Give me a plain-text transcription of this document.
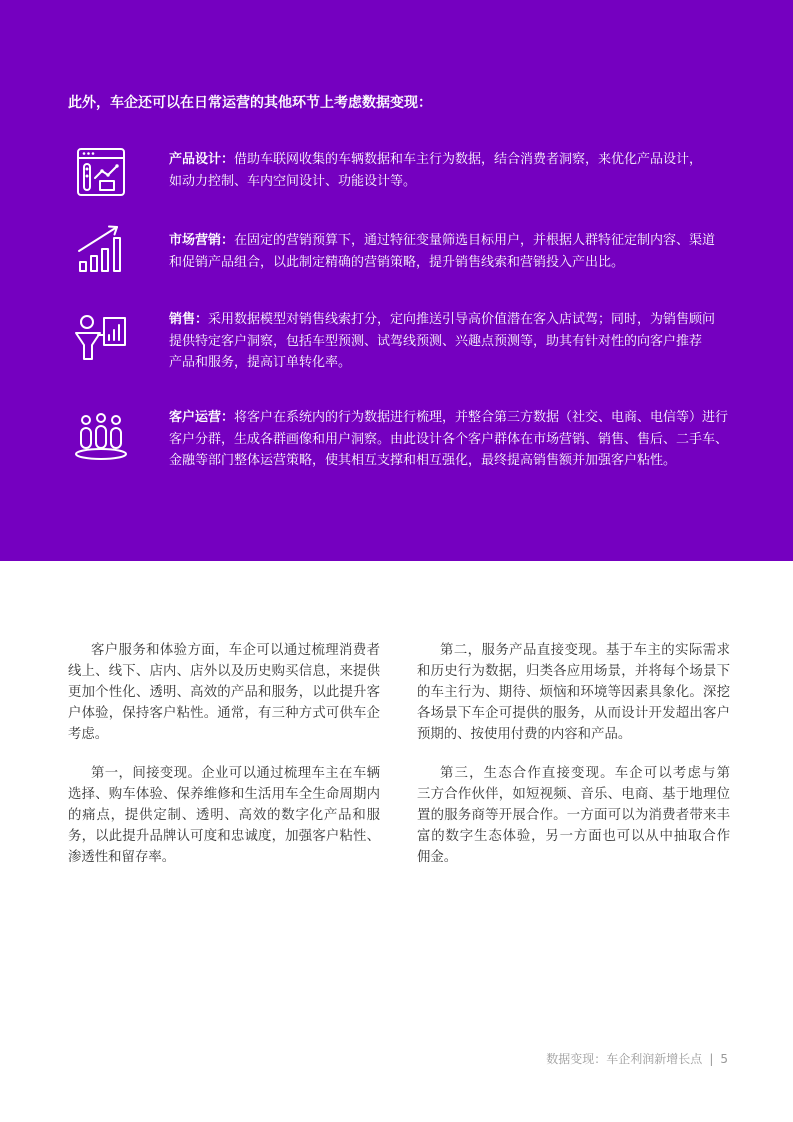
此外，车企还可以在日常运营的其他环节上考虑数据变现：
产品设计：借助车联网收集的车辆数据和车主行为数据，结合消费者洞察，来优化产品设计，
如动力控制、车内空间设计、功能设计等。
市场营销：在固定的营销预算下，通过特征变量筛选目标用户，并根据人群特征定制内容、渠道
和促销产品组合，以此制定精确的营销策略，提升销售线索和营销投入产出比。
销售：采用数据模型对销售线索打分，定向推送引导高价值潜在客入店试驾；同时，为销售顾问
提供特定客户洞察，包括车型预测、试驾线预测、兴趣点预测等，助其有针对性的向客户推荐
产品和服务，提高订单转化率。
客户运营：将客户在系统内的行为数据进行梳理，并整合第三方数据（社交、电商、电信等）进行
客户分群，生成各群画像和用户洞察。由此设计各个客户群体在市场营销、销售、售后、二手车、
金融等部门整体运营策略，使其相互支撑和相互强化，最终提高销售额并加强客户粘性。
客户服务和体验方面，车企可以通过梳理消费者
线上、线下、店内、店外以及历史购买信息，来提供
更加个性化、透明、高效的产品和服务，以此提升客
户体验，保持客户粘性。通常，有三种方式可供车企
考虑。
第一，间接变现。企业可以通过梳理车主在车辆
选择、购车体验、保养维修和生活用车全生命周期内
的痛点，提供定制、透明、高效的数字化产品和服
务，以此提升品牌认可度和忠诚度，加强客户粘性、
渗透性和留存率。
第二，服务产品直接变现。基于车主的实际需求
和历史行为数据，归类各应用场景，并将每个场景下
的车主行为、期待、烦恼和环境等因素具象化。深挖
各场景下车企可提供的服务，从而设计开发超出客户
预期的、按使用付费的内容和产品。
第三，生态合作直接变现。车企可以考虑与第
三方合作伙伴，如短视频、音乐、电商、基于地理位
置的服务商等开展合作。一方面可以为消费者带来丰
富的数字生态体验，另一方面也可以从中抽取合作
佣金。
数据变现：车企利润新增长点 | 5
